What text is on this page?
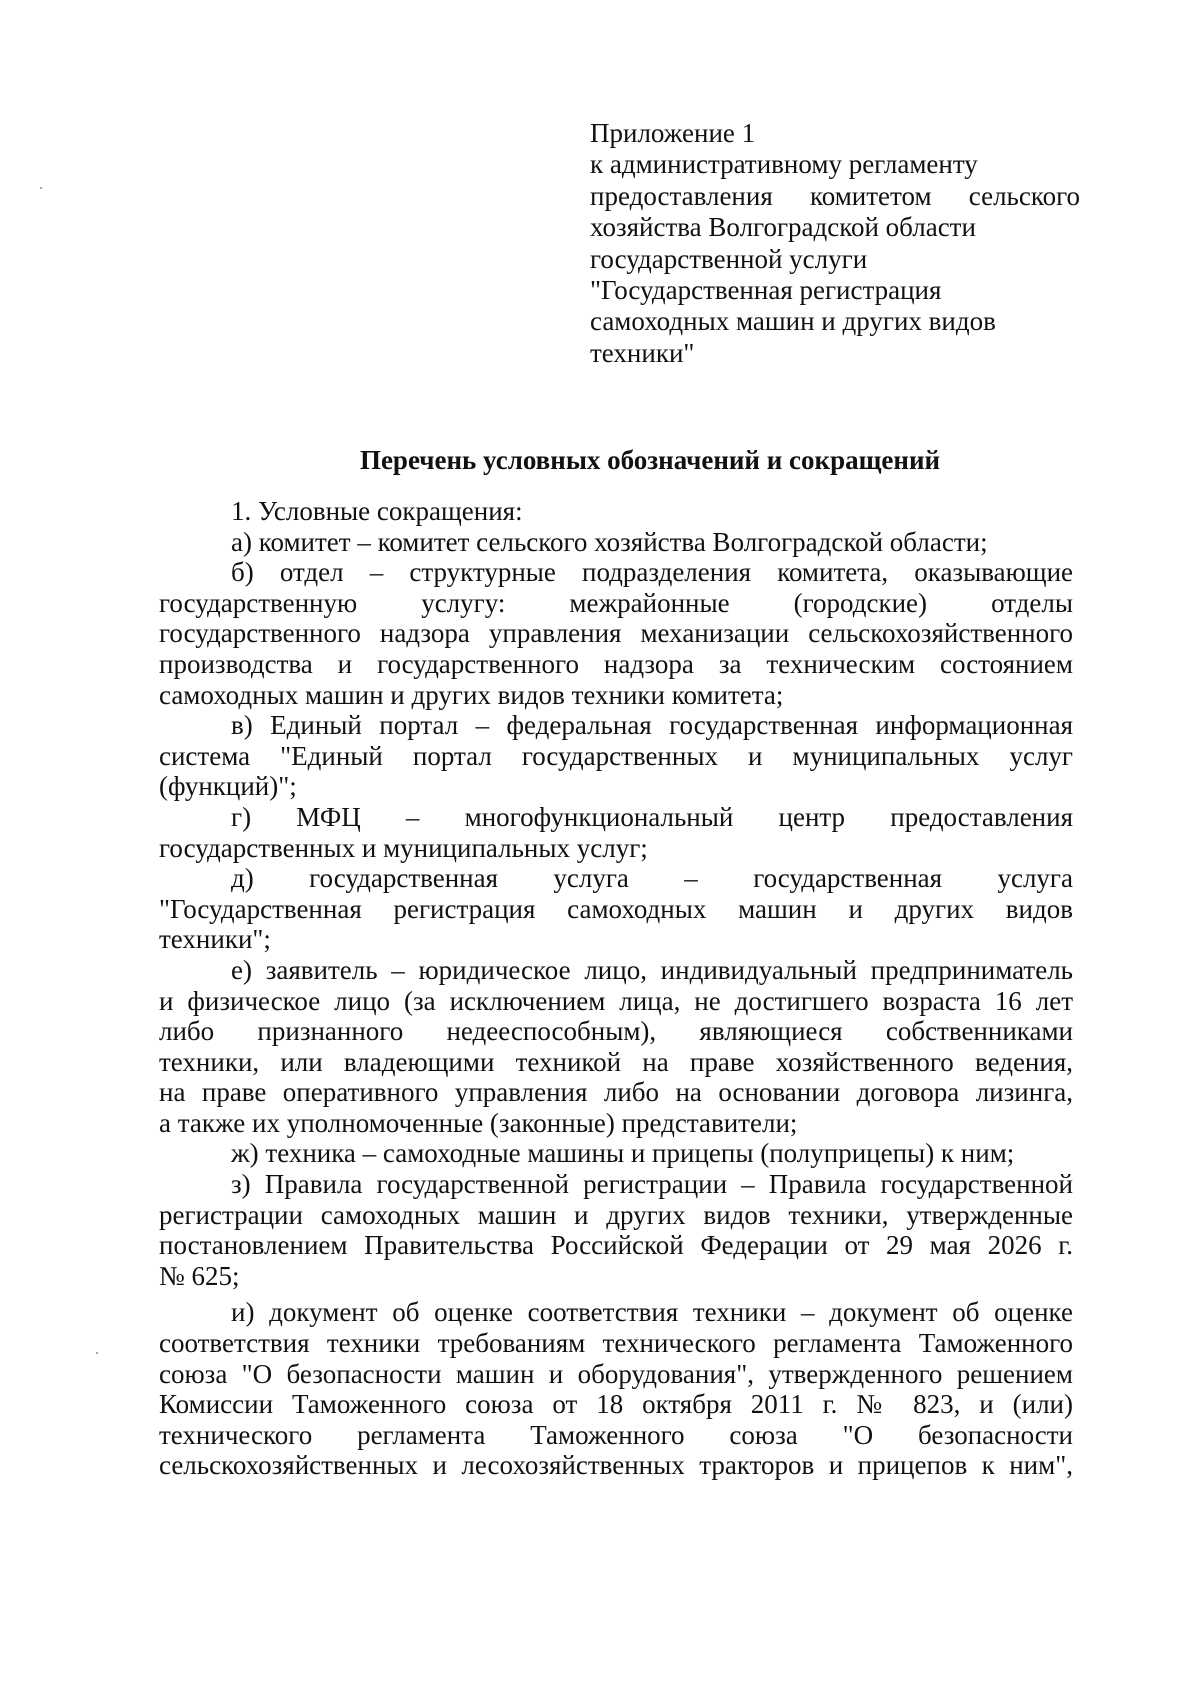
Приложение 1
к административному регламенту
предоставления комитетом сельского
хозяйства Волгоградской области
государственной услуги
"Государственная регистрация
самоходных машин и других видов
техники"
Перечень условных обозначений и сокращений

1. Условные сокращения:

а) комитет – комитет сельского хозяйства Волгоградской области;

б) отдел – структурные подразделения комитета, оказывающие
государственную услугу: межрайонные (городские) отделы
государственного надзора управления механизации сельскохозяйственного
производства и государственного надзора за техническим состоянием
самоходных машин и других видов техники комитета;

в) Единый портал – федеральная государственная информационная
система "Единый портал государственных и муниципальных услуг
(функций)";

г) МФЦ – многофункциональный центр предоставления
государственных и муниципальных услуг;

д) государственная услуга – государственная услуга
"Государственная регистрация самоходных машин и других видов
техники";

е) заявитель – юридическое лицо, индивидуальный предприниматель
и физическое лицо (за исключением лица, не достигшего возраста 16 лет
либо признанного недееспособным), являющиеся собственниками
техники, или владеющими техникой на праве хозяйственного ведения,
на праве оперативного управления либо на основании договора лизинга,
а также их уполномоченные (законные) представители;

ж) техника – самоходные машины и прицепы (полуприцепы) к ним;

з) Правила государственной регистрации – Правила государственной
регистрации самоходных машин и других видов техники, утвержденные
постановлением Правительства Российской Федерации от 29 мая 2026 г.
№ 625;

и) документ об оценке соответствия техники – документ об оценке
соответствия техники требованиям технического регламента Таможенного
союза "О безопасности машин и оборудования", утвержденного решением
Комиссии Таможенного союза от 18 октября 2011 г. № 823, и (или)
технического регламента Таможенного союза "О безопасности
сельскохозяйственных и лесохозяйственных тракторов и прицепов к ним",
